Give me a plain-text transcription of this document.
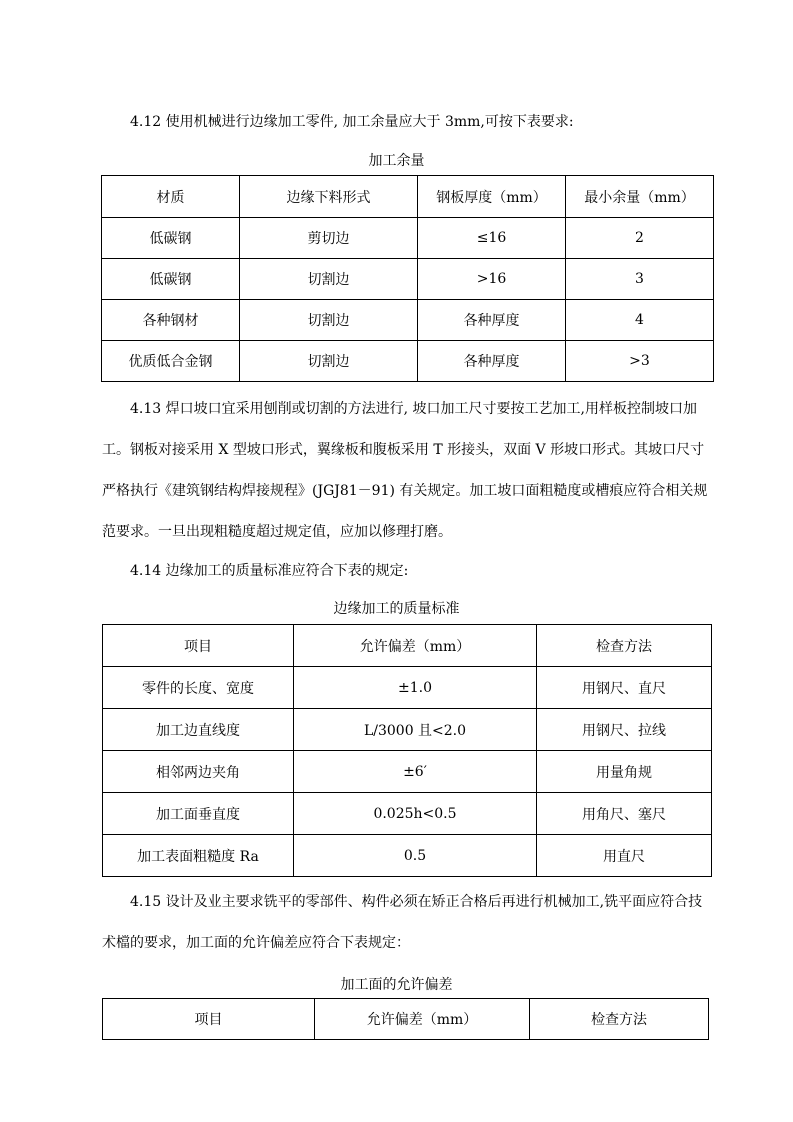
4.12 使用机械进行边缘加工零件, 加工余量应大于 3mm,可按下表要求:

加工余量

材质	边缘下料形式	钢板厚度（mm）	最小余量（mm）
低碳钢	剪切边	≤16	2
低碳钢	切割边	>16	3
各种钢材	切割边	各种厚度	4
优质低合金钢	切割边	各种厚度	>3

4.13 焊口坡口宜采用刨削或切割的方法进行, 坡口加工尺寸要按工艺加工,用样板控制坡口加工。钢板对接采用 X 型坡口形式，翼缘板和腹板采用 T 形接头，双面 V 形坡口形式。其坡口尺寸严格执行《建筑钢结构焊接规程》(JGJ81－91) 有关规定。加工坡口面粗糙度或槽痕应符合相关规范要求。一旦出现粗糙度超过规定值，应加以修理打磨。

4.14 边缘加工的质量标准应符合下表的规定:

边缘加工的质量标准

项目	允许偏差（mm）	检查方法
零件的长度、宽度	±1.0	用钢尺、直尺
加工边直线度	L/3000 且<2.0	用钢尺、拉线
相邻两边夹角	±6′	用量角规
加工面垂直度	0.025h<0.5	用角尺、塞尺
加工表面粗糙度 Ra	0.5	用直尺

4.15 设计及业主要求铣平的零部件、构件必须在矫正合格后再进行机械加工,铣平面应符合技术檔的要求，加工面的允许偏差应符合下表规定：

加工面的允许偏差

项目	允许偏差（mm）	检查方法
